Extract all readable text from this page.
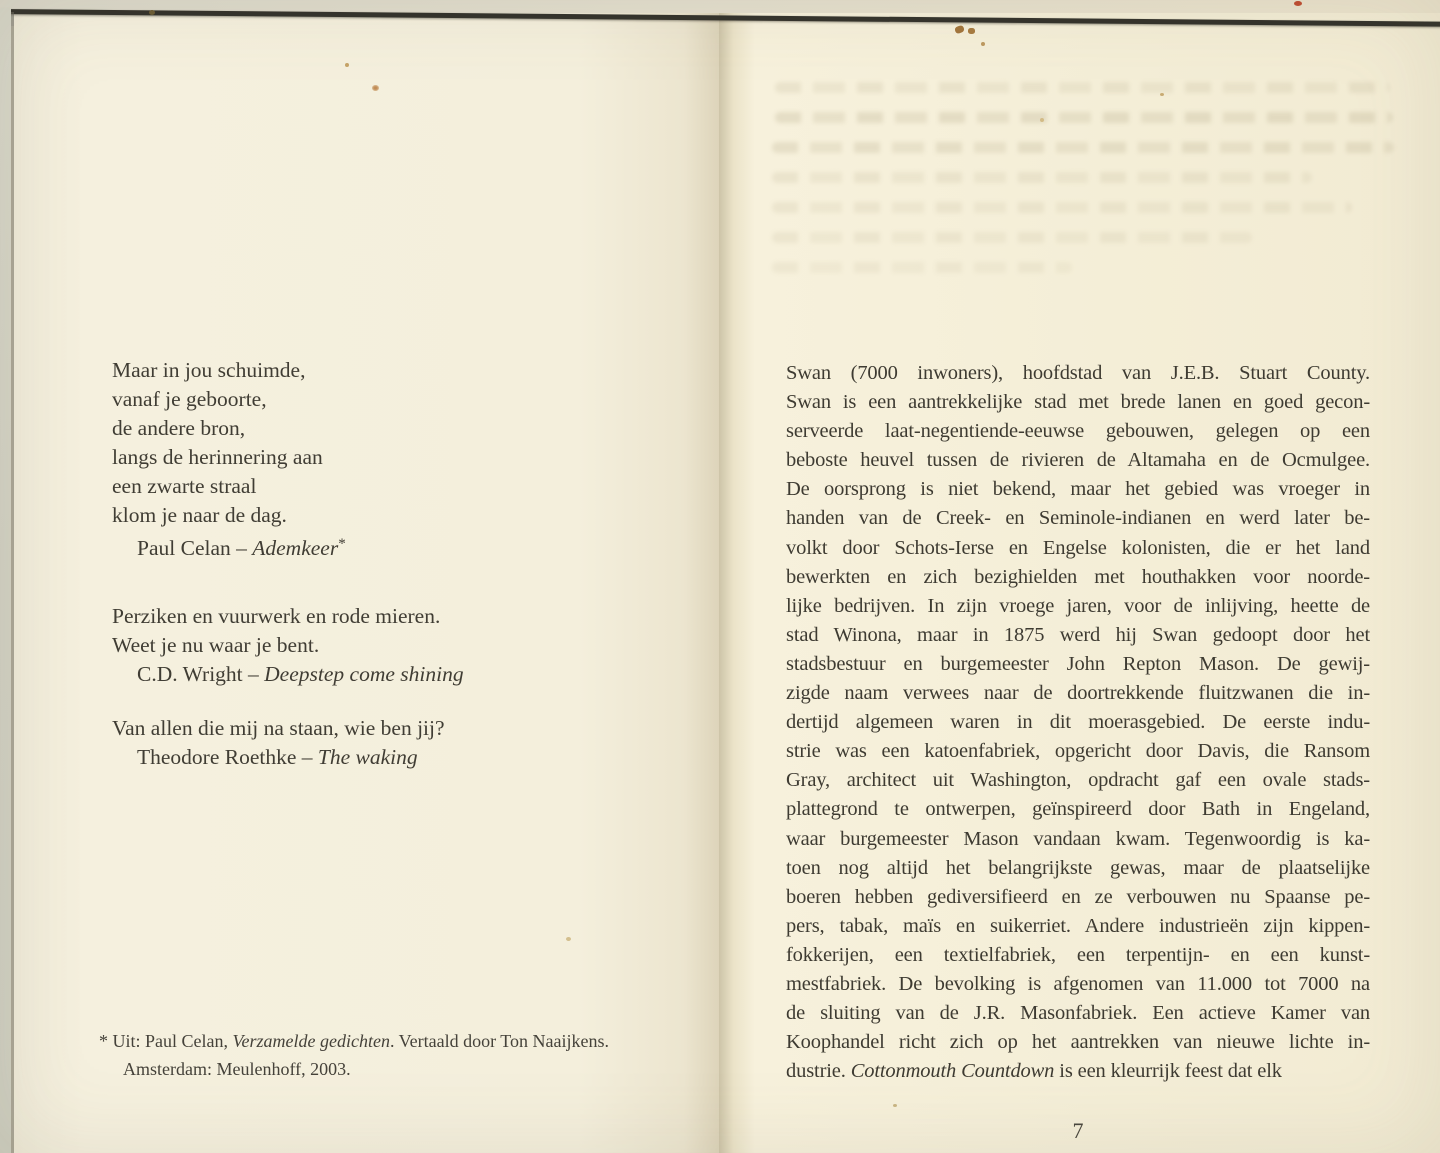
Maar in jou schuimde,
vanaf je geboorte,
de andere bron,
langs de herinnering aan
een zwarte straal
klom je naar de dag.
Paul Celan – Ademkeer*
Perziken en vuurwerk en rode mieren.
Weet je nu waar je bent.
C.D. Wright – Deepstep come shining
Van allen die mij na staan, wie ben jij?
Theodore Roethke – The waking
* Uit: Paul Celan, Verzamelde gedichten. Vertaald door Ton Naaijkens.
Amsterdam: Meulenhoff, 2003.
Swan (7000 inwoners), hoofdstad van J.E.B. Stuart County.
Swan is een aantrekkelijke stad met brede lanen en goed gecon-
serveerde laat-negentiende-eeuwse gebouwen, gelegen op een
beboste heuvel tussen de rivieren de Altamaha en de Ocmulgee.
De oorsprong is niet bekend, maar het gebied was vroeger in
handen van de Creek- en Seminole-indianen en werd later be-
volkt door Schots-Ierse en Engelse kolonisten, die er het land
bewerkten en zich bezighielden met houthakken voor noorde-
lijke bedrijven. In zijn vroege jaren, voor de inlijving, heette de
stad Winona, maar in 1875 werd hij Swan gedoopt door het
stadsbestuur en burgemeester John Repton Mason. De gewij-
zigde naam verwees naar de doortrekkende fluitzwanen die in-
dertijd algemeen waren in dit moerasgebied. De eerste indu-
strie was een katoenfabriek, opgericht door Davis, die Ransom
Gray, architect uit Washington, opdracht gaf een ovale stads-
plattegrond te ontwerpen, geïnspireerd door Bath in Engeland,
waar burgemeester Mason vandaan kwam. Tegenwoordig is ka-
toen nog altijd het belangrijkste gewas, maar de plaatselijke
boeren hebben gediversifieerd en ze verbouwen nu Spaanse pe-
pers, tabak, maïs en suikerriet. Andere industrieën zijn kippen-
fokkerijen, een textielfabriek, een terpentijn- en een kunst-
mestfabriek. De bevolking is afgenomen van 11.000 tot 7000 na
de sluiting van de J.R. Masonfabriek. Een actieve Kamer van
Koophandel richt zich op het aantrekken van nieuwe lichte in-
dustrie. Cottonmouth Countdown is een kleurrijk feest dat elk
7
